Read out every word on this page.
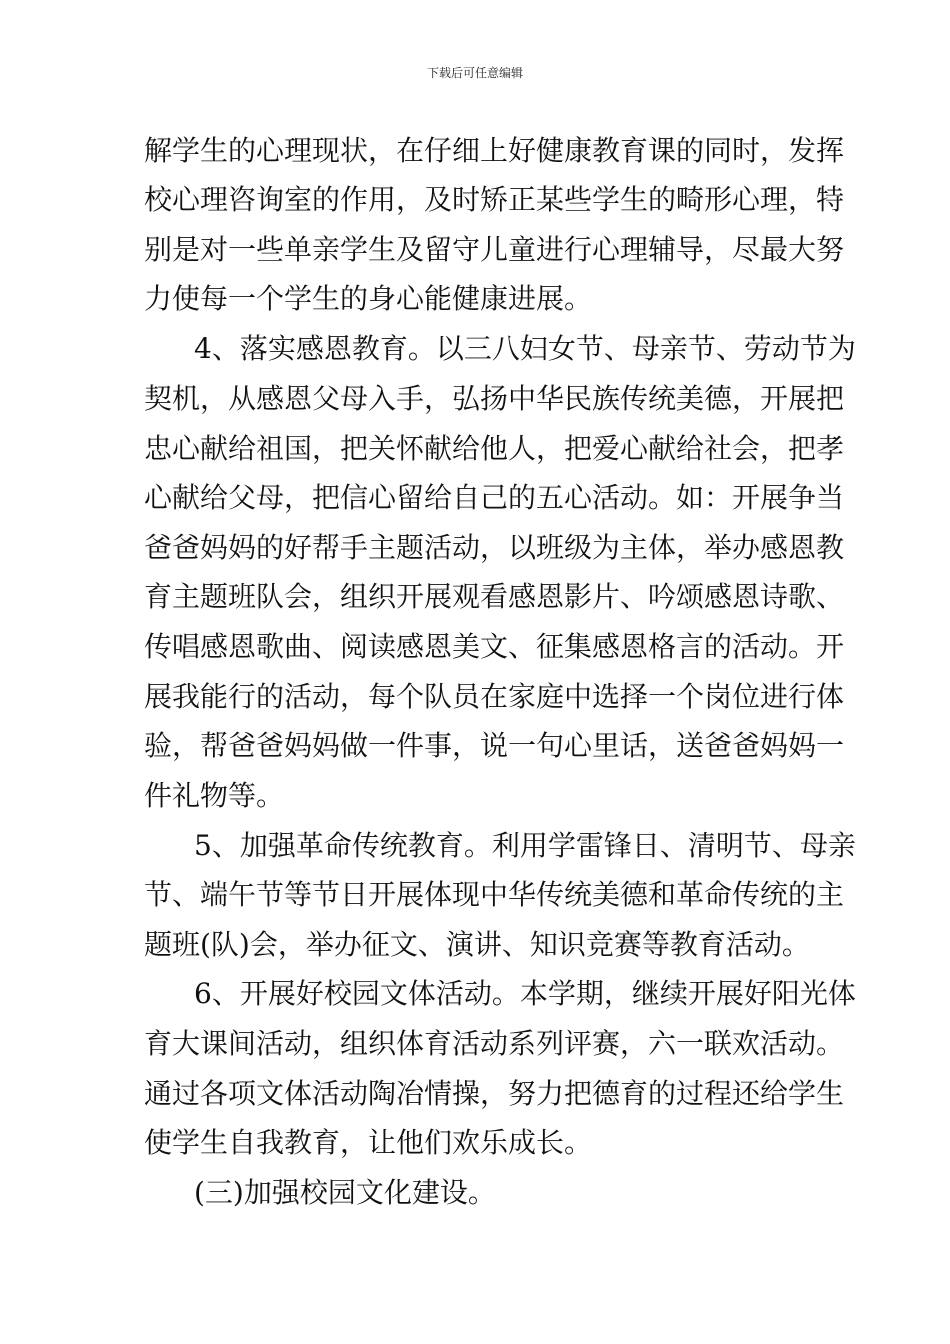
下载后可任意编辑
解学生的心理现状，在仔细上好健康教育课的同时，发挥
校心理咨询室的作用，及时矫正某些学生的畸形心理，特
别是对一些单亲学生及留守儿童进行心理辅导，尽最大努
力使每一个学生的身心能健康进展。
4、落实感恩教育。以三八妇女节、母亲节、劳动节为
契机，从感恩父母入手，弘扬中华民族传统美德，开展把
忠心献给祖国，把关怀献给他人，把爱心献给社会，把孝
心献给父母，把信心留给自己的五心活动。如：开展争当
爸爸妈妈的好帮手主题活动，以班级为主体，举办感恩教
育主题班队会，组织开展观看感恩影片、吟颂感恩诗歌、
传唱感恩歌曲、阅读感恩美文、征集感恩格言的活动。开
展我能行的活动，每个队员在家庭中选择一个岗位进行体
验，帮爸爸妈妈做一件事，说一句心里话，送爸爸妈妈一
件礼物等。
5、加强革命传统教育。利用学雷锋日、清明节、母亲
节、端午节等节日开展体现中华传统美德和革命传统的主
题班(队)会，举办征文、演讲、知识竞赛等教育活动。
6、开展好校园文体活动。本学期，继续开展好阳光体
育大课间活动，组织体育活动系列评赛，六一联欢活动。
通过各项文体活动陶冶情操，努力把德育的过程还给学生
使学生自我教育，让他们欢乐成长。
(三)加强校园文化建设。
